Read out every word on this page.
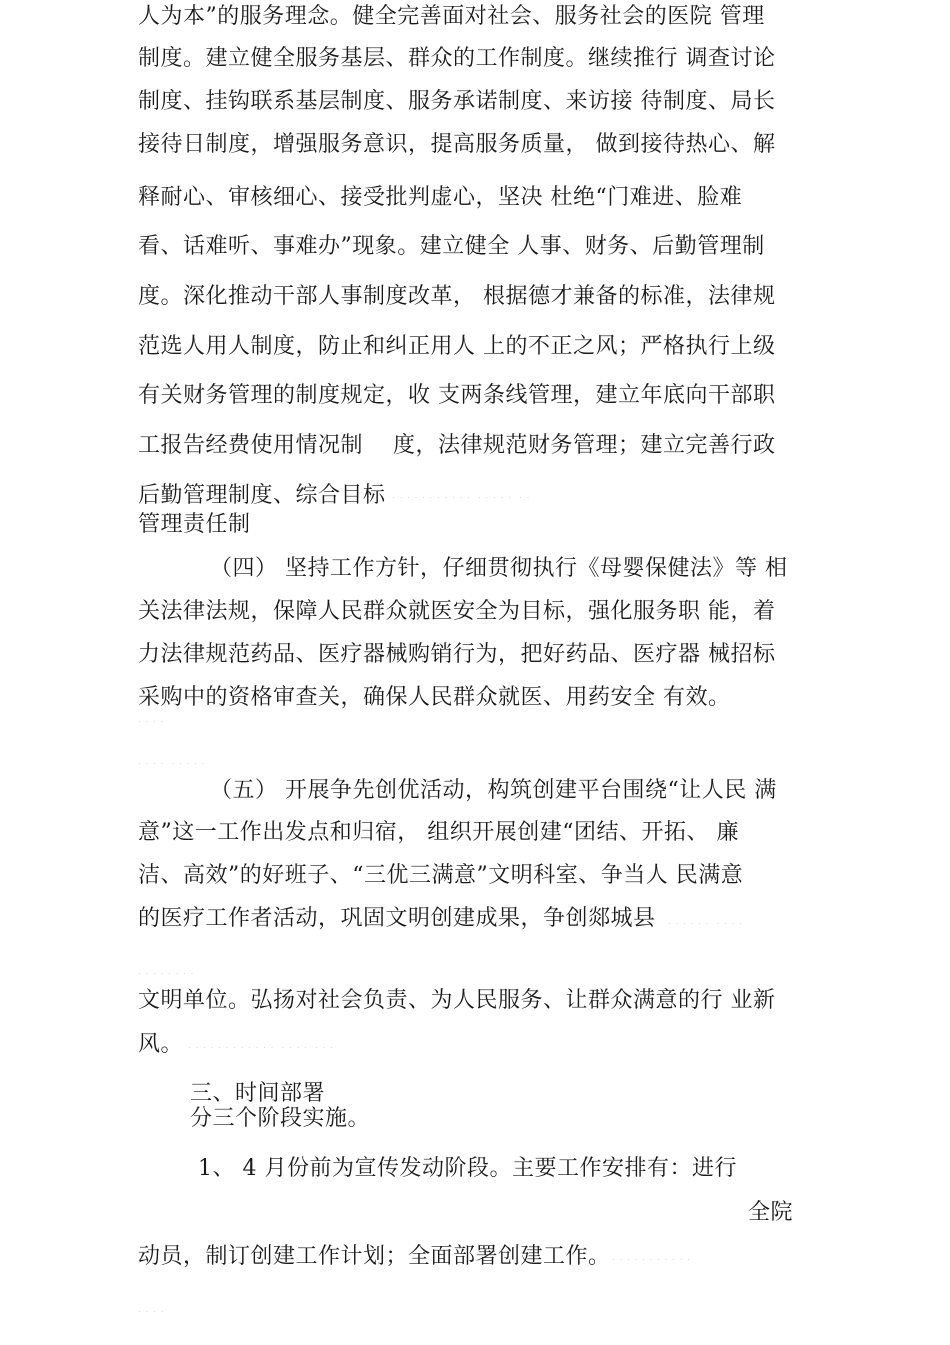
人为本”的服务理念。健全完善面对社会、服务社会的医院 管理
制度。建立健全服务基层、群众的工作制度。继续推行 调查讨论
制度、挂钩联系基层制度、服务承诺制度、来访接 待制度、局长
接待日制度，增强服务意识，提高服务质量， 做到接待热心、解
释耐心、审核细心、接受批判虚心，坚决 杜绝“门难进、脸难
看、话难听、事难办”现象。建立健全 人事、财务、后勤管理制
度。深化推动干部人事制度改革， 根据德才兼备的标准，法律规
范选人用人制度，防止和纠正用人 上的不正之风；严格执行上级
有关财务管理的制度规定，收 支两条线管理，建立年底向干部职
工报告经费使用情况制    度，法律规范财务管理；建立完善行政
后勤管理制度、综合目标 · · · · · · · · · · ·  · · · · ·  · ·
管理责任制
（四） 坚持工作方针，仔细贯彻执行《母婴保健法》等 相
关法律法规，保障人民群众就医安全为目标，强化服务职 能，着
力法律规范药品、医疗器械购销行为，把好药品、医疗器 械招标
采购中的资格审查关，确保人民群众就医、用药安全 有效。
· · · ·
· · · ·  · · · · ·
（五） 开展争先创优活动，构筑创建平台围绕“让人民 满
意”这一工作出发点和归宿， 组织开展创建“团结、开拓、 廉
洁、高效”的好班子、“三优三满意”文明科室、争当人 民满意
的医疗工作者活动，巩固文明创建成果，争创郯城县 · · · · · ·  · · · ·
· · · · · · · ·
文明单位。弘扬对社会负责、为人民服务、让群众满意的行 业新
风。 · · · · · · · · · · · ·  · · · ·  · · ·
三、时间部署
分三个阶段实施。
1、 4 月份前为宣传发动阶段。主要工作安排有：进行
全院
动员，制订创建工作计划；全面部署创建工作。 · · · · · · · · · · ·
· · · ·
